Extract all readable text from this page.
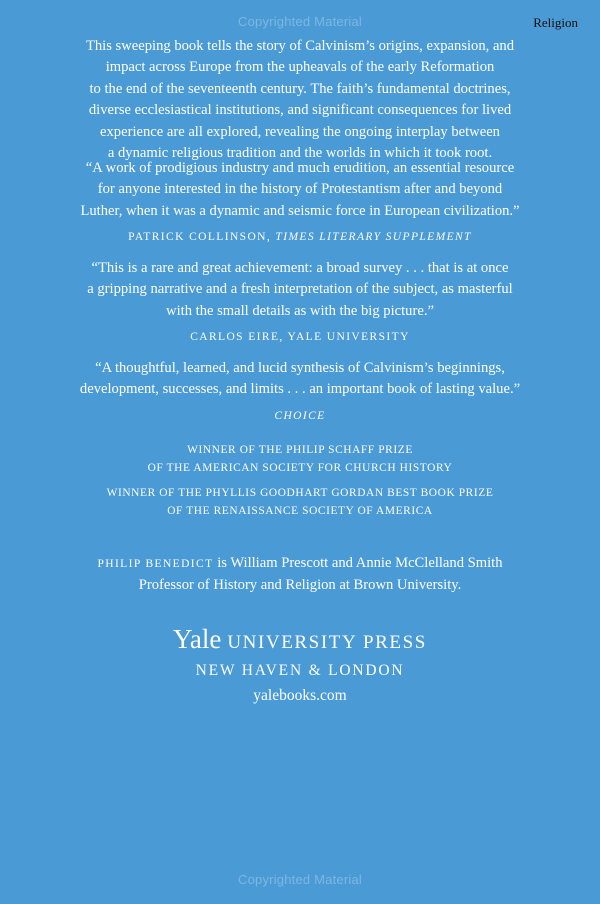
Copyrighted Material	Religion

This sweeping book tells the story of Calvinism’s origins, expansion, and
impact across Europe from the upheavals of the early Reformation
to the end of the seventeenth century. The faith’s fundamental doctrines,
diverse ecclesiastical institutions, and significant consequences for lived
experience are all explored, revealing the ongoing interplay between
a dynamic religious tradition and the worlds in which it took root.

“A work of prodigious industry and much erudition, an essential resource
for anyone interested in the history of Protestantism after and beyond
Luther, when it was a dynamic and seismic force in European civilization.”
PATRICK COLLINSON, TIMES LITERARY SUPPLEMENT
“This is a rare and great achievement: a broad survey . . . that is at once
a gripping narrative and a fresh interpretation of the subject, as masterful
with the small details as with the big picture.”
CARLOS EIRE, YALE UNIVERSITY
“A thoughtful, learned, and lucid synthesis of Calvinism’s beginnings,
development, successes, and limits . . . an important book of lasting value.”
CHOICE
WINNER OF THE PHILIP SCHAFF PRIZE
OF THE AMERICAN SOCIETY FOR CHURCH HISTORY
WINNER OF THE PHYLLIS GOODHART GORDAN BEST BOOK PRIZE
OF THE RENAISSANCE SOCIETY OF AMERICA
PHILIP BENEDICT is William Prescott and Annie McClelland Smith
Professor of History and Religion at Brown University.
Yale UNIVERSITY PRESS
NEW HAVEN & LONDON
yalebooks.com
Copyrighted Material
